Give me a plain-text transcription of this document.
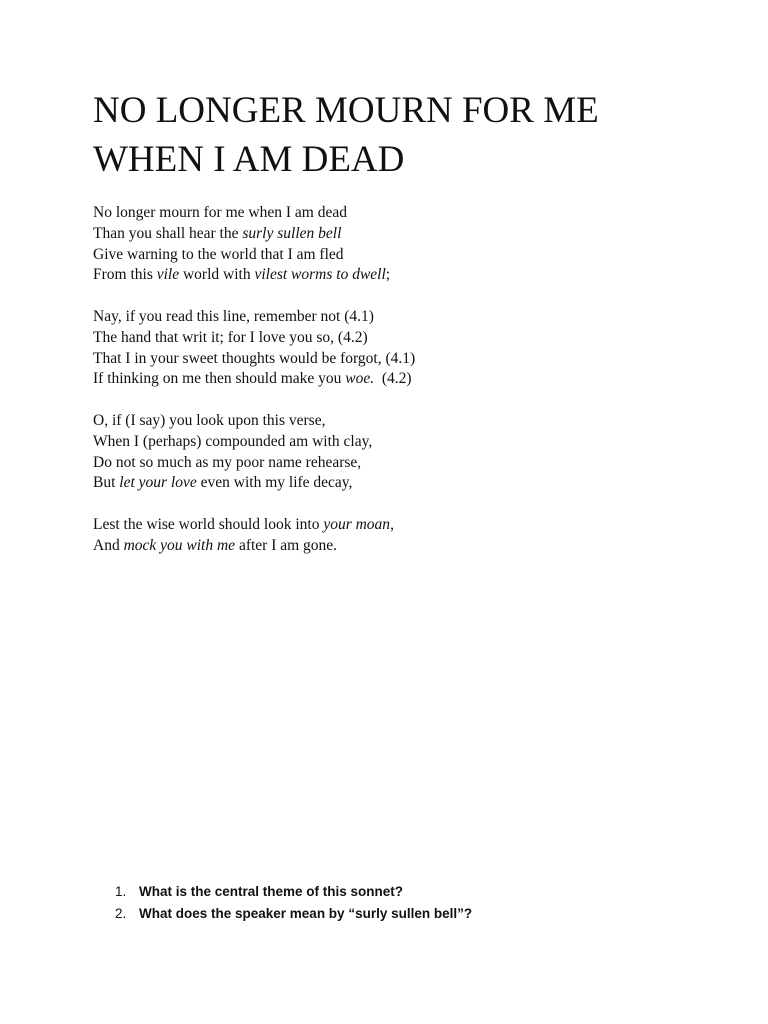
NO LONGER MOURN FOR ME
WHEN I AM DEAD
No longer mourn for me when I am dead
Than you shall hear the surly sullen bell
Give warning to the world that I am fled
From this vile world with vilest worms to dwell;
Nay, if you read this line, remember not (4.1)
The hand that writ it; for I love you so, (4.2)
That I in your sweet thoughts would be forgot, (4.1)
If thinking on me then should make you woe.  (4.2)
O, if (I say) you look upon this verse,
When I (perhaps) compounded am with clay,
Do not so much as my poor name rehearse,
But let your love even with my life decay,
Lest the wise world should look into your moan,
And mock you with me after I am gone.
1. What is the central theme of this sonnet?
2. What does the speaker mean by “surly sullen bell”?
